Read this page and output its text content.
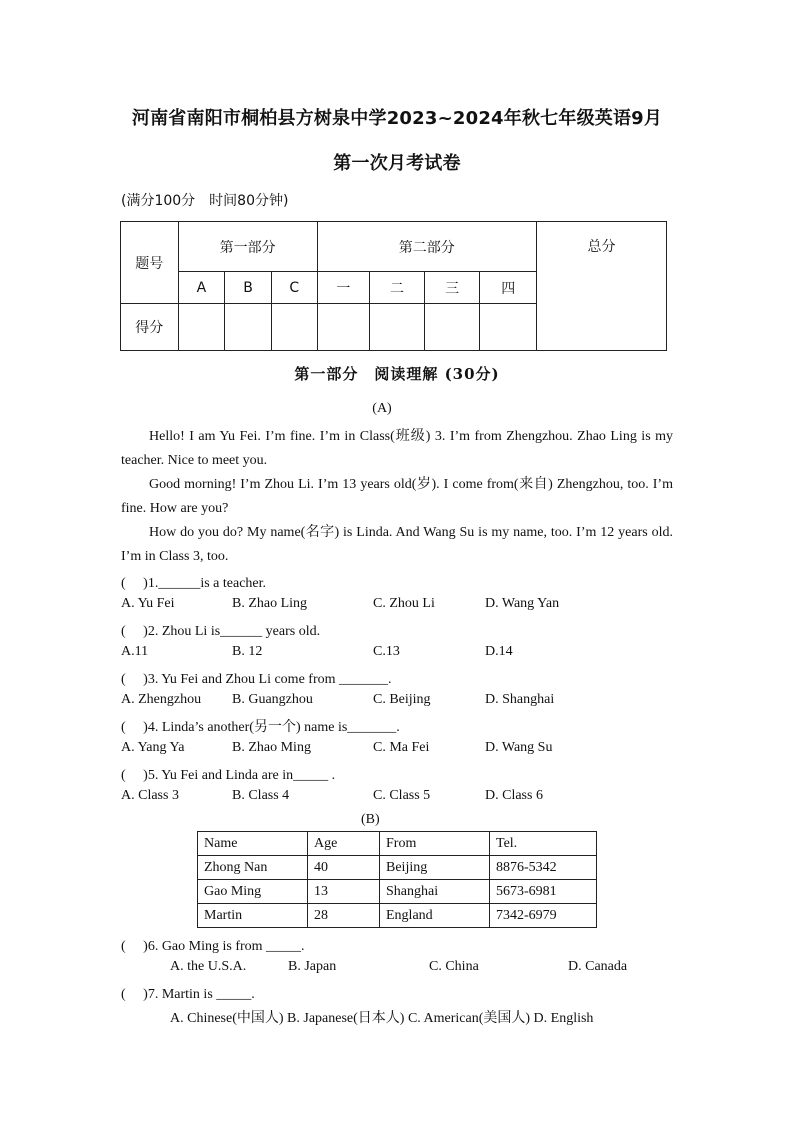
河南省南阳市桐柏县方树泉中学2023~2024年秋七年级英语9月
第一次月考试卷
(满分100分　时间80分钟)
题号	第一部分			第二部分				总分
	A	B	C	一	二	三	四	
得分								
第一部分　阅读理解 (30分)
(A)
Hello! I am Yu Fei. I’m fine. I’m in Class(班级) 3. I’m from Zhengzhou. Zhao Ling is my teacher. Nice to meet you.
Good morning! I’m Zhou Li. I’m 13 years old(岁). I come from(来自) Zhengzhou, too. I’m fine. How are you?
How do you do? My name(名字) is Linda. And Wang Su is my name, too. I’m 12 years old. I’m in Class 3, too.
(　 )1.______is a teacher.
A. Yu Fei	B. Zhao Ling	C. Zhou Li	D. Wang Yan
(　 )2. Zhou Li is______ years old.
A.11	B. 12	C.13	D.14
(　 )3. Yu Fei and Zhou Li come from _______.
A. Zhengzhou B. Guangzhou	C. Beijing	D. Shanghai
(　 )4. Linda’s another(另一个) name is_______.
A. Yang Ya	B. Zhao Ming	C. Ma Fei	D. Wang Su
(　 )5. Yu Fei and Linda are in_____ .
A. Class 3	B. Class 4	C. Class 5	D. Class 6
(B)
Name	Age	From	Tel.
Zhong Nan	40	Beijing	8876-5342
Gao Ming	13	Shanghai	5673-6981
Martin	28	England	7342-6979
(　 )6. Gao Ming is from _____.
A. the U.S.A.	B. Japan	C. China	D. Canada
(　 )7. Martin is _____.
A. Chinese(中国人) B. Japanese(日本人) C. American(美国人) D. English
